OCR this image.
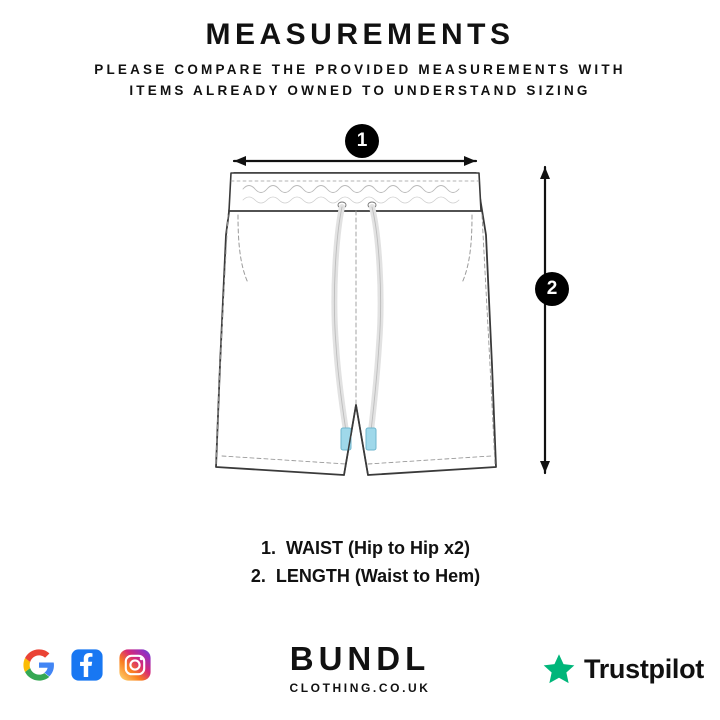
MEASUREMENTS
PLEASE COMPARE THE PROVIDED MEASUREMENTS WITH
ITEMS ALREADY OWNED TO UNDERSTAND SIZING
1
2
1. WAIST (Hip to Hip x2)
2. LENGTH (Waist to Hem)
BUNDL
CLOTHING.CO.UK
Trustpilot
